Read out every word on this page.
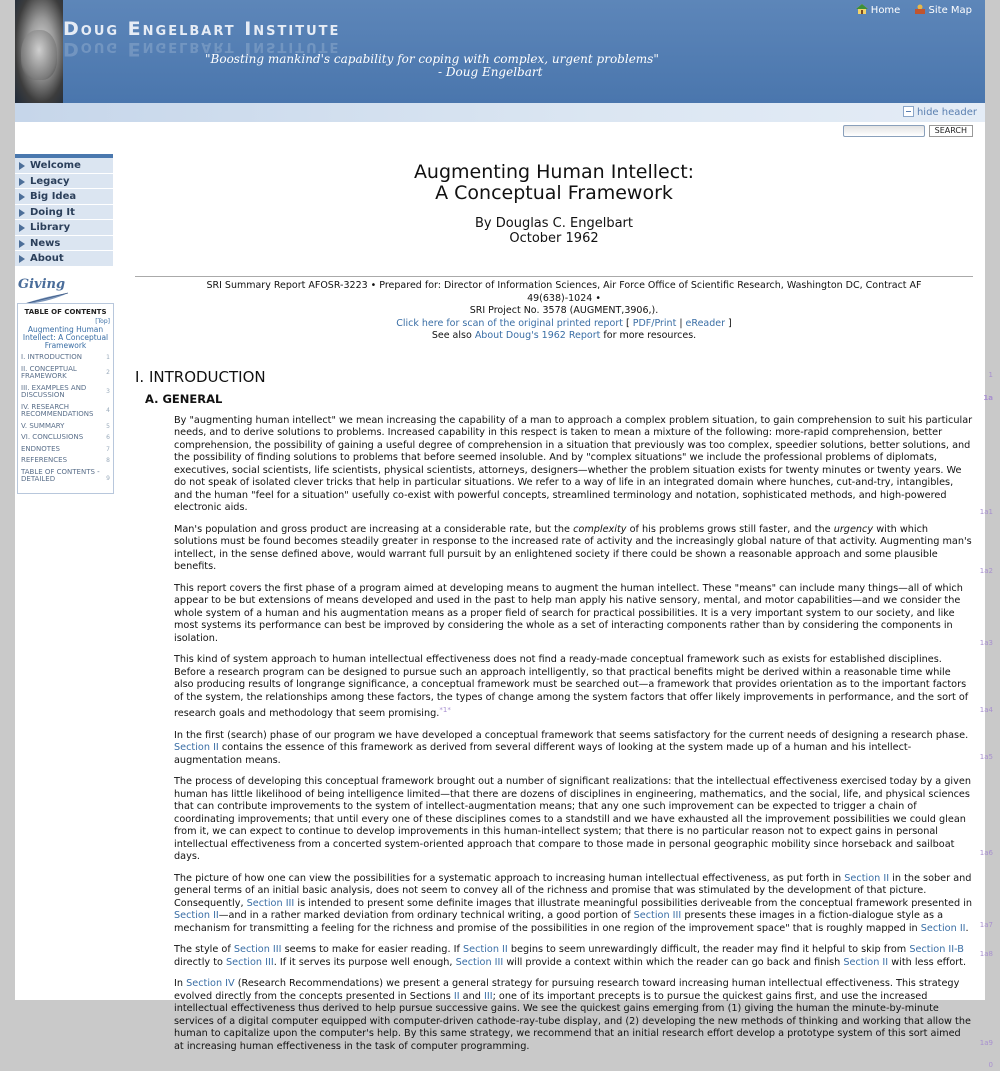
Doug Engelbart Institute
Doug Engelbart Institute
"Boosting mankind's capability for coping with complex, urgent problems"
- Doug Engelbart
Home	Site Map
hide header
SEARCH
Welcome
Legacy
Big Idea
Doing It
Library
News
About
Giving
TABLE OF CONTENTS
[Top]
Augmenting Human Intellect: A Conceptual Framework
I. INTRODUCTION	1
II. CONCEPTUAL FRAMEWORK	2
III. EXAMPLES AND DISCUSSION	3
IV. RESEARCH RECOMMENDATIONS 4
V. SUMMARY	5
VI. CONCLUSIONS	6
ENDNOTES	7
REFERENCES	8
TABLE OF CONTENTS - DETAILED	9
Augmenting Human Intellect:
A Conceptual Framework
By Douglas C. Engelbart
October 1962
SRI Summary Report AFOSR-3223 • Prepared for: Director of Information Sciences, Air Force Office of Scientific Research, Washington DC, Contract AF 49(638)-1024 •
SRI Project No. 3578 (AUGMENT,3906,).
Click here for scan of the original printed report [ PDF/Print | eReader ]
See also About Doug's 1962 Report for more resources.
0
I. INTRODUCTION	1
A. GENERAL	1a
By "augmenting human intellect" we mean increasing the capability of a man to approach a complex problem situation, to gain comprehension to suit his particular needs, and to derive solutions to problems. Increased capability in this respect is taken to mean a mixture of the following: more-rapid comprehension, better comprehension, the possibility of gaining a useful degree of comprehension in a situation that previously was too complex, speedier solutions, better solutions, and the possibility of finding solutions to problems that before seemed insoluble. And by "complex situations" we include the professional problems of diplomats, executives, social scientists, life scientists, physical scientists, attorneys, designers—whether the problem situation exists for twenty minutes or twenty years. We do not speak of isolated clever tricks that help in particular situations. We refer to a way of life in an integrated domain where hunches, cut-and-try, intangibles, and the human "feel for a situation" usefully co-exist with powerful concepts, streamlined terminology and notation, sophisticated methods, and high-powered electronic aids.	1a1
Man's population and gross product are increasing at a considerable rate, but the complexity of his problems grows still faster, and the urgency with which solutions must be found becomes steadily greater in response to the increased rate of activity and the increasingly global nature of that activity. Augmenting man's intellect, in the sense defined above, would warrant full pursuit by an enlightened society if there could be shown a reasonable approach and some plausible benefits.	1a2
This report covers the first phase of a program aimed at developing means to augment the human intellect. These "means" can include many things—all of which appear to be but extensions of means developed and used in the past to help man apply his native sensory, mental, and motor capabilities—and we consider the whole system of a human and his augmentation means as a proper field of search for practical possibilities. It is a very important system to our society, and like most systems its performance can best be improved by considering the whole as a set of interacting components rather than by considering the components in isolation.	1a3
This kind of system approach to human intellectual effectiveness does not find a ready-made conceptual framework such as exists for established disciplines. Before a research program can be designed to pursue such an approach intelligently, so that practical benefits might be derived within a reasonable time while also producing results of longrange significance, a conceptual framework must be searched out—a framework that provides orientation as to the important factors of the system, the relationships among these factors, the types of change among the system factors that offer likely improvements in performance, and the sort of research goals and methodology that seem promising.$^{*1*}$	1a4
In the first (search) phase of our program we have developed a conceptual framework that seems satisfactory for the current needs of designing a research phase. Section II contains the essence of this framework as derived from several different ways of looking at the system made up of a human and his intellect-augmentation means.	1a5
The process of developing this conceptual framework brought out a number of significant realizations: that the intellectual effectiveness exercised today by a given human has little likelihood of being intelligence limited—that there are dozens of disciplines in engineering, mathematics, and the social, life, and physical sciences that can contribute improvements to the system of intellect-augmentation means; that any one such improvement can be expected to trigger a chain of coordinating improvements; that until every one of these disciplines comes to a standstill and we have exhausted all the improvement possibilities we could glean from it, we can expect to continue to develop improvements in this human-intellect system; that there is no particular reason not to expect gains in personal intellectual effectiveness from a concerted system-oriented approach that compare to those made in personal geographic mobility since horseback and sailboat days.	1a6
The picture of how one can view the possibilities for a systematic approach to increasing human intellectual effectiveness, as put forth in Section II in the sober and general terms of an initial basic analysis, does not seem to convey all of the richness and promise that was stimulated by the development of that picture. Consequently, Section III is intended to present some definite images that illustrate meaningful possibilities deriveable from the conceptual framework presented in Section II—and in a rather marked deviation from ordinary technical writing, a good portion of Section III presents these images in a fiction-dialogue style as a mechanism for transmitting a feeling for the richness and promise of the possibilities in one region of the improvement space" that is roughly mapped in Section II. 1a7
The style of Section III seems to make for easier reading. If Section II begins to seem unrewardingly difficult, the reader may find it helpful to skip from Section II-B directly to Section III. If it serves its purpose well enough, Section III will provide a context within which the reader can go back and finish Section II with less effort.
1a8
In Section IV (Research Recommendations) we present a general strategy for pursuing research toward increasing human intellectual effectiveness. This strategy evolved directly from the concepts presented in Sections II and III; one of its important precepts is to pursue the quickest gains first, and use the increased intellectual effectiveness thus derived to help pursue successive gains. We see the quickest gains emerging from (1) giving the human the minute-by-minute services of a digital computer equipped with computer-driven cathode-ray-tube display, and (2) developing the new methods of thinking and working that allow the human to capitalize upon the computer's help. By this same strategy, we recommend that an initial research effort develop a prototype system of this sort aimed at increasing human effectiveness in the task of computer programming.	1a9
